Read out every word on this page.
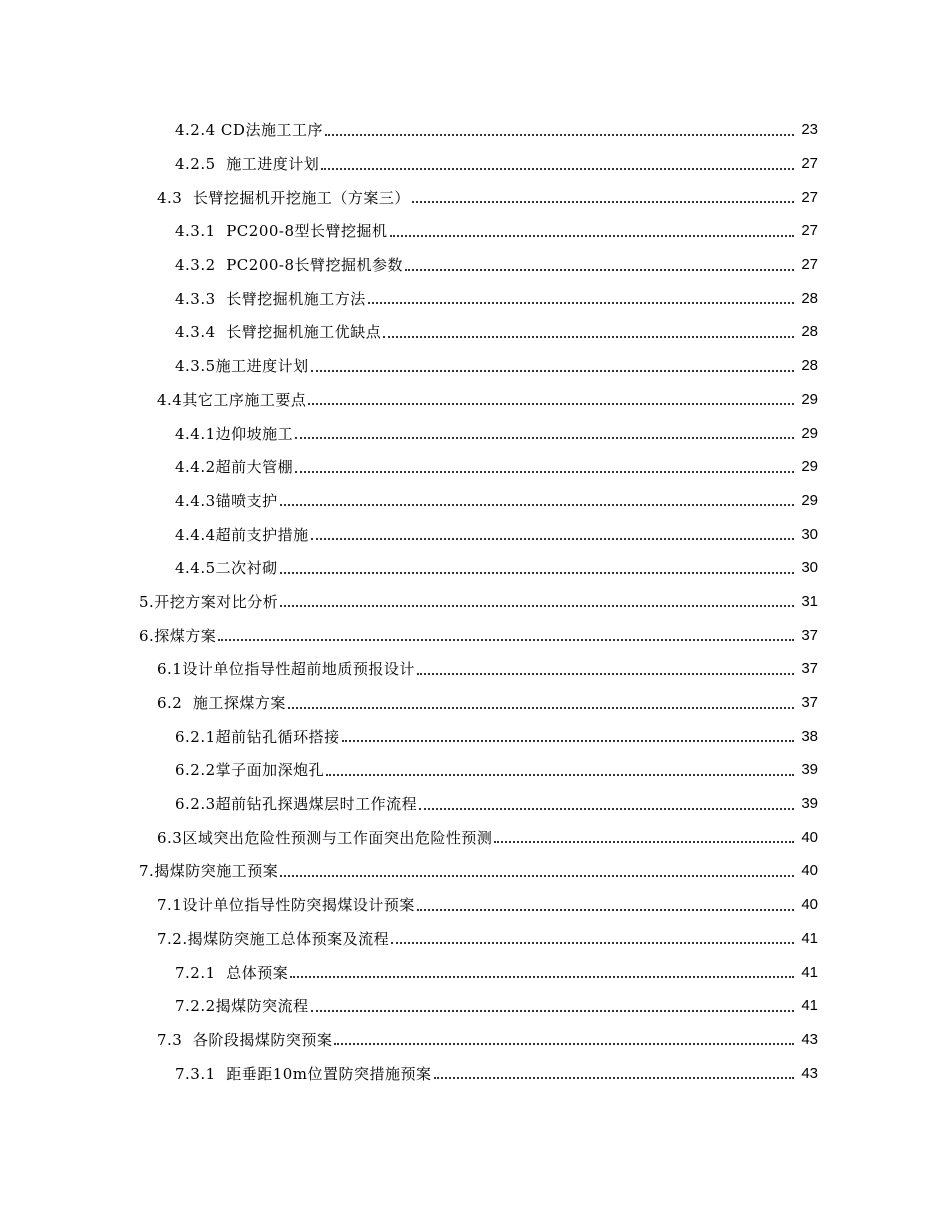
4.2.4 CD法施工工序	23
4.2.5  施工进度计划	27
4.3  长臂挖掘机开挖施工（方案三）	27
4.3.1  PC200-8型长臂挖掘机	27
4.3.2  PC200-8长臂挖掘机参数	27
4.3.3  长臂挖掘机施工方法	28
4.3.4  长臂挖掘机施工优缺点	28
4.3.5施工进度计划	28
4.4其它工序施工要点	29
4.4.1边仰坡施工	29
4.4.2超前大管棚	29
4.4.3锚喷支护	29
4.4.4超前支护措施	30
4.4.5二次衬砌	30
5.开挖方案对比分析	31
6.探煤方案	37
6.1设计单位指导性超前地质预报设计	37
6.2  施工探煤方案	37
6.2.1超前钻孔循环搭接	38
6.2.2掌子面加深炮孔	39
6.2.3超前钻孔探遇煤层时工作流程	39
6.3区域突出危险性预测与工作面突出危险性预测	40
7.揭煤防突施工预案	40
7.1设计单位指导性防突揭煤设计预案	40
7.2.揭煤防突施工总体预案及流程	41
7.2.1  总体预案	41
7.2.2揭煤防突流程	41
7.3  各阶段揭煤防突预案	43
7.3.1  距垂距10m位置防突措施预案	43
